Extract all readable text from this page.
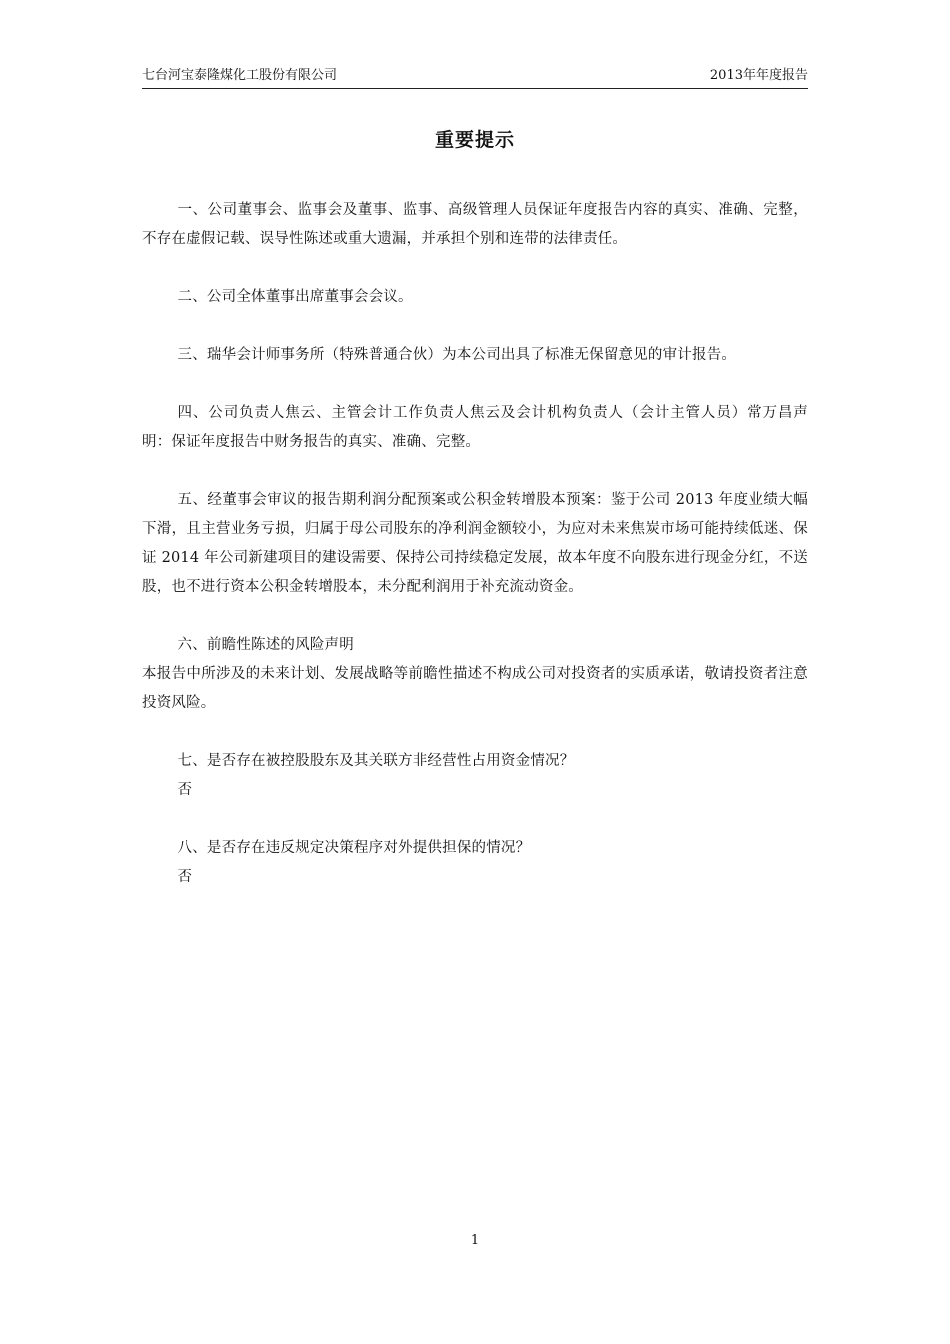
七台河宝泰隆煤化工股份有限公司	2013年年度报告
重要提示

一、公司董事会、监事会及董事、监事、高级管理人员保证年度报告内容的真实、准确、完整，不存在虚假记载、误导性陈述或重大遗漏，并承担个别和连带的法律责任。

二、公司全体董事出席董事会会议。

三、瑞华会计师事务所（特殊普通合伙）为本公司出具了标准无保留意见的审计报告。

四、公司负责人焦云、主管会计工作负责人焦云及会计机构负责人（会计主管人员）常万昌声明：保证年度报告中财务报告的真实、准确、完整。

五、经董事会审议的报告期利润分配预案或公积金转增股本预案：鉴于公司 2013 年度业绩大幅下滑，且主营业务亏损，归属于母公司股东的净利润金额较小，为应对未来焦炭市场可能持续低迷、保证 2014 年公司新建项目的建设需要、保持公司持续稳定发展，故本年度不向股东进行现金分红，不送股，也不进行资本公积金转增股本，未分配利润用于补充流动资金。

六、前瞻性陈述的风险声明

本报告中所涉及的未来计划、发展战略等前瞻性描述不构成公司对投资者的实质承诺，敬请投资者注意投资风险。

七、是否存在被控股股东及其关联方非经营性占用资金情况？

否

八、是否存在违反规定决策程序对外提供担保的情况？

否

1
